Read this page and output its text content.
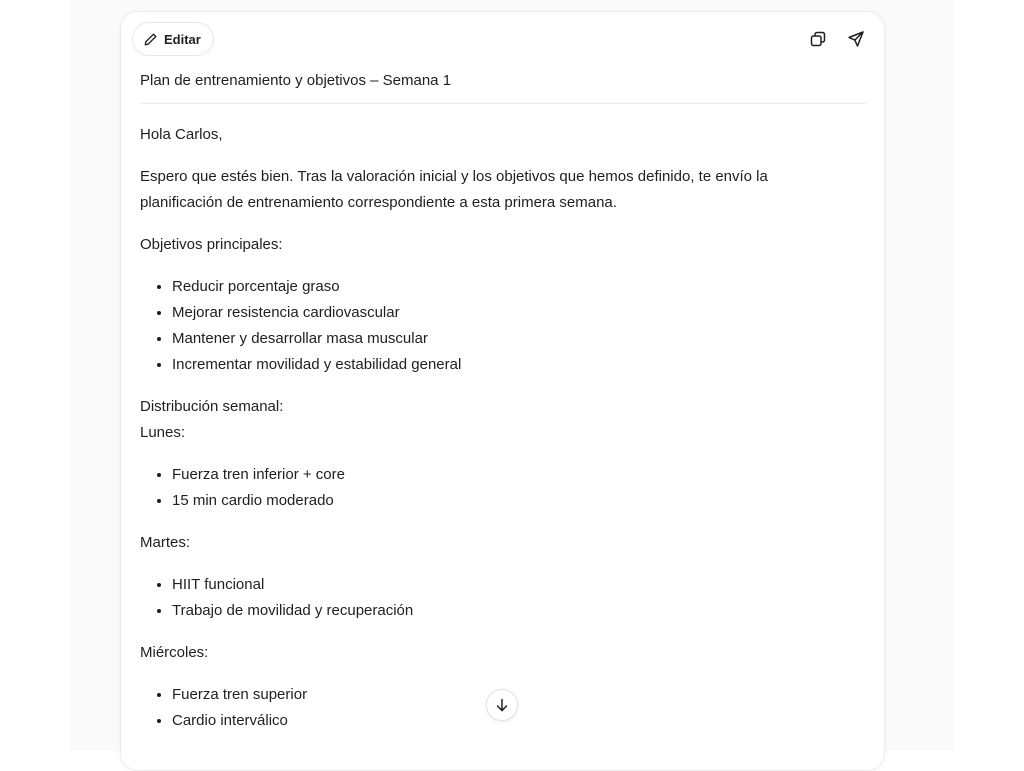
Editar
Plan de entrenamiento y objetivos – Semana 1

Hola Carlos,

Espero que estés bien. Tras la valoración inicial y los objetivos que hemos definido, te envío la planificación de entrenamiento correspondiente a esta primera semana.

Objetivos principales:

• Reducir porcentaje graso
• Mejorar resistencia cardiovascular
• Mantener y desarrollar masa muscular
• Incrementar movilidad y estabilidad general

Distribución semanal:

Lunes:

• Fuerza tren inferior + core
• 15 min cardio moderado

Martes:

• HIIT funcional
• Trabajo de movilidad y recuperación

Miércoles:

• Fuerza tren superior
• Cardio interválico
